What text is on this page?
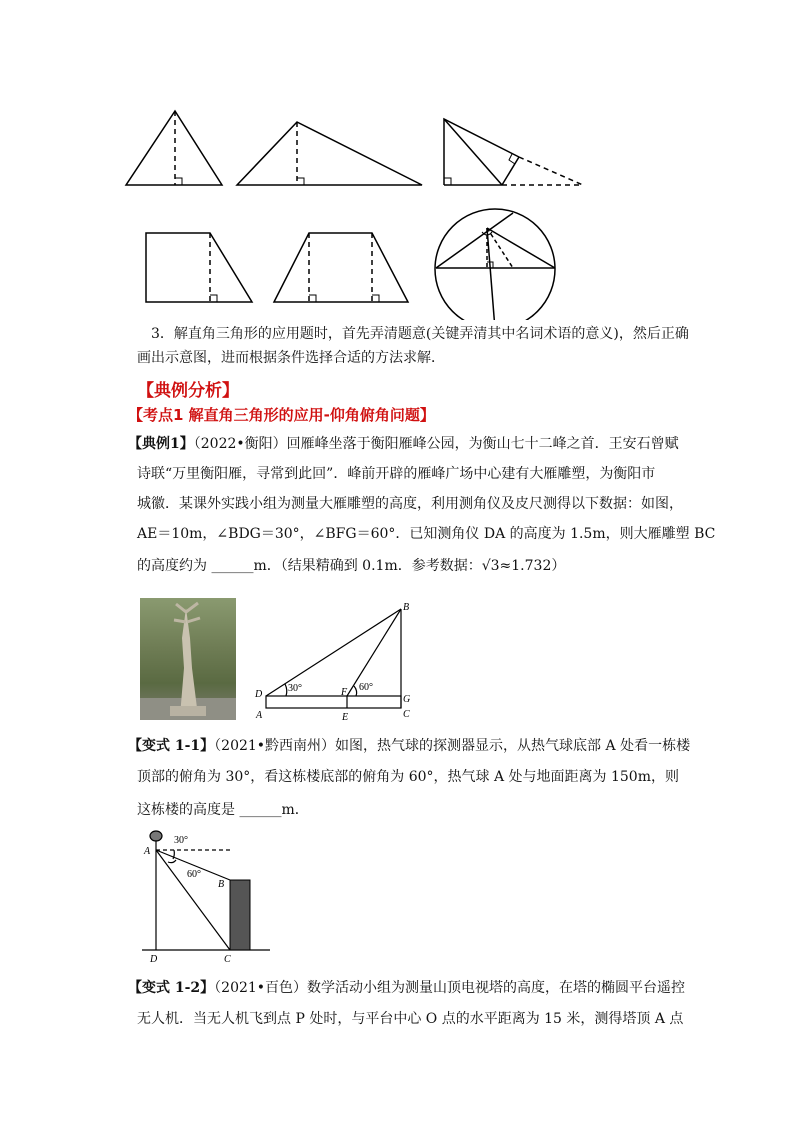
3．解直角三角形的应用题时，首先弄清题意(关键弄清其中名词术语的意义)，然后正确
画出示意图，进而根据条件选择合适的方法求解．
【典例分析】
【考点1 解直角三角形的应用-仰角俯角问题】
【典例1】（2022•衡阳）回雁峰坐落于衡阳雁峰公园，为衡山七十二峰之首．王安石曾赋
诗联“万里衡阳雁，寻常到此回”．峰前开辟的雁峰广场中心建有大雁雕塑，为衡阳市
城徽．某课外实践小组为测量大雁雕塑的高度，利用测角仪及皮尺测得以下数据：如图，
AE＝10m，∠BDG＝30°，∠BFG＝60°．已知测角仪 DA 的高度为 1.5m，则大雁雕塑 BC
的高度约为 ______m．（结果精确到 0.1m．参考数据：√3≈1.732）
B
D
A
F
E
G
C
30°	60°
【变式 1-1】（2021•黔西南州）如图，热气球的探测器显示，从热气球底部 A 处看一栋楼
顶部的俯角为 30°，看这栋楼底部的俯角为 60°，热气球 A 处与地面距离为 150m，则
这栋楼的高度是 ______m．
A
B
C
D
30°
60°
【变式 1-2】（2021•百色）数学活动小组为测量山顶电视塔的高度，在塔的椭圆平台遥控
无人机．当无人机飞到点 P 处时，与平台中心 O 点的水平距离为 15 米，测得塔顶 A 点
